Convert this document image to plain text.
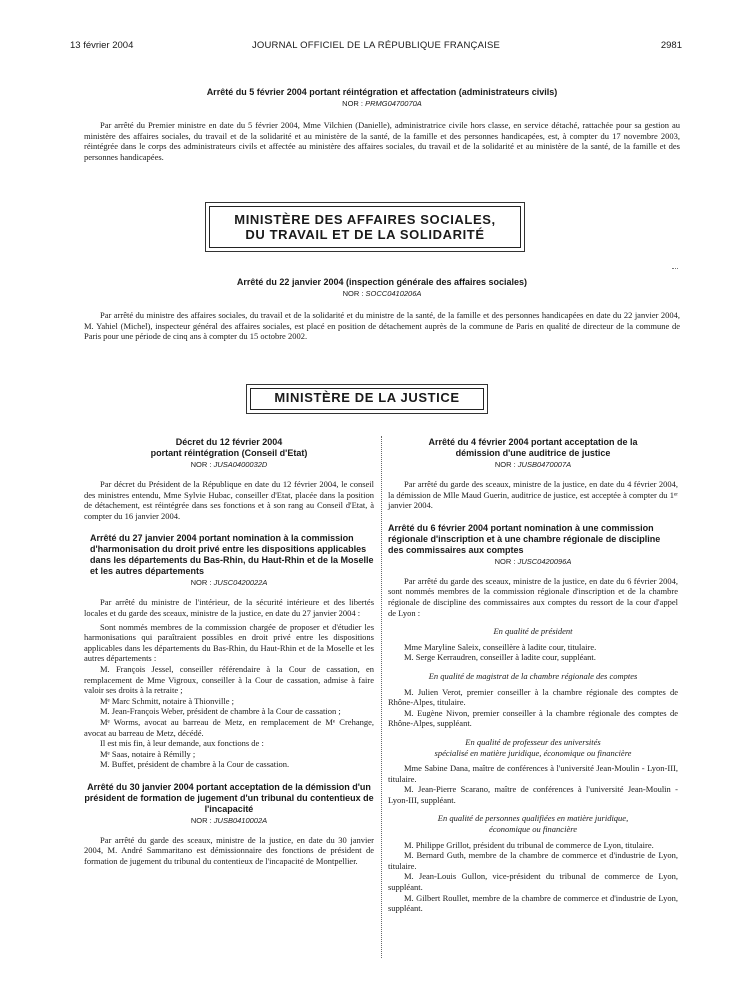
13 février 2004	JOURNAL OFFICIEL DE LA RÉPUBLIQUE FRANÇAISE	2981

Arrêté du 5 février 2004 portant réintégration et affectation (administrateurs civils)

NOR : PRMG0470070A

Par arrêté du Premier ministre en date du 5 février 2004, Mme Vilchien (Danielle), administratrice civile hors classe, en service détaché, rattachée pour sa gestion au ministère des affaires sociales, du travail et de la solidarité et au ministère de la santé, de la famille et des personnes handicapées, est, à compter du 17 novembre 2003, réintégrée dans le corps des administrateurs civils et affectée au ministère des affaires sociales, du travail et de la solidarité et au ministère de la santé, de la famille et des personnes handicapées.

MINISTÈRE DES AFFAIRES SOCIALES,
DU TRAVAIL ET DE LA SOLIDARITÉ

Arrêté du 22 janvier 2004 (inspection générale des affaires sociales)

NOR : SOCC0410206A

Par arrêté du ministre des affaires sociales, du travail et de la solidarité et du ministre de la santé, de la famille et des personnes handicapées en date du 22 janvier 2004, M. Yahiel (Michel), inspecteur général des affaires sociales, est placé en position de détachement auprès de la commune de Paris en qualité de directeur de la commune de Paris pour une période de cinq ans à compter du 15 octobre 2002.

MINISTÈRE DE LA JUSTICE

Décret du 12 février 2004

portant réintégration (Conseil d'Etat)

NOR : JUSA0400032D

Par décret du Président de la République en date du 12 février 2004, le conseil des ministres entendu, Mme Sylvie Hubac, conseiller d'Etat, placée dans la position de détachement, est réintégrée dans ses fonctions et à son rang au Conseil d'Etat, à compter du 16 janvier 2004.

Arrêté du 27 janvier 2004 portant nomination à la commission d'harmonisation du droit privé entre les dispositions applicables dans les départements du Bas-Rhin, du Haut-Rhin et de la Moselle et les autres départements

NOR : JUSC0420022A

Par arrêté du ministre de l'intérieur, de la sécurité intérieure et des libertés locales et du garde des sceaux, ministre de la justice, en date du 27 janvier 2004 :

Sont nommés membres de la commission chargée de proposer et d'étudier les harmonisations qui paraîtraient possibles en droit privé entre les dispositions applicables dans les départements du Bas-Rhin, du Haut-Rhin et de la Moselle et les autres départements :

M. François Jessel, conseiller référendaire à la Cour de cassation, en remplacement de Mme Vigroux, conseiller à la Cour de cassation, admise à faire valoir ses droits à la retraite ;

Mᵉ Marc Schmitt, notaire à Thionville ;

M. Jean-François Weber, président de chambre à la Cour de cassation ;

Mᵉ Worms, avocat au barreau de Metz, en remplacement de Mᵉ Crehange, avocat au barreau de Metz, décédé.

Il est mis fin, à leur demande, aux fonctions de :

Mᵉ Saas, notaire à Rémilly ;

M. Buffet, président de chambre à la Cour de cassation.

Arrêté du 30 janvier 2004 portant acceptation de la démission d'un président de formation de jugement d'un tribunal du contentieux de l'incapacité

NOR : JUSB0410002A

Par arrêté du garde des sceaux, ministre de la justice, en date du 30 janvier 2004, M. André Sammaritano est démissionnaire des fonctions de président de formation de jugement du tribunal du contentieux de l'incapacité de Montpellier.

Arrêté du 4 février 2004 portant acceptation de la démission d'une auditrice de justice

NOR : JUSB0470007A

Par arrêté du garde des sceaux, ministre de la justice, en date du 4 février 2004, la démission de Mlle Maud Guerin, auditrice de justice, est acceptée à compter du 1ᵉʳ janvier 2004.

Arrêté du 6 février 2004 portant nomination à une commission régionale d'inscription et à une chambre régionale de discipline des commissaires aux comptes

NOR : JUSC0420096A

Par arrêté du garde des sceaux, ministre de la justice, en date du 6 février 2004, sont nommés membres de la commission régionale d'inscription et de la chambre régionale de discipline des commissaires aux comptes du ressort de la cour d'appel de Lyon :

En qualité de président

Mme Maryline Saleix, conseillère à ladite cour, titulaire.

M. Serge Kerraudren, conseiller à ladite cour, suppléant.

En qualité de magistrat de la chambre régionale des comptes

M. Julien Verot, premier conseiller à la chambre régionale des comptes de Rhône-Alpes, titulaire.

M. Eugène Nivon, premier conseiller à la chambre régionale des comptes de Rhône-Alpes, suppléant.

En qualité de professeur des universités

spécialisé en matière juridique, économique ou financière

Mme Sabine Dana, maître de conférences à l'université Jean-Moulin - Lyon-III, titulaire.

M. Jean-Pierre Scarano, maître de conférences à l'université Jean-Moulin - Lyon-III, suppléant.

En qualité de personnes qualifiées en matière juridique,

économique ou financière

M. Philippe Grillot, président du tribunal de commerce de Lyon, titulaire.

M. Bernard Guth, membre de la chambre de commerce et d'industrie de Lyon, titulaire.

M. Jean-Louis Gullon, vice-président du tribunal de commerce de Lyon, suppléant.

M. Gilbert Roullet, membre de la chambre de commerce et d'industrie de Lyon, suppléant.
